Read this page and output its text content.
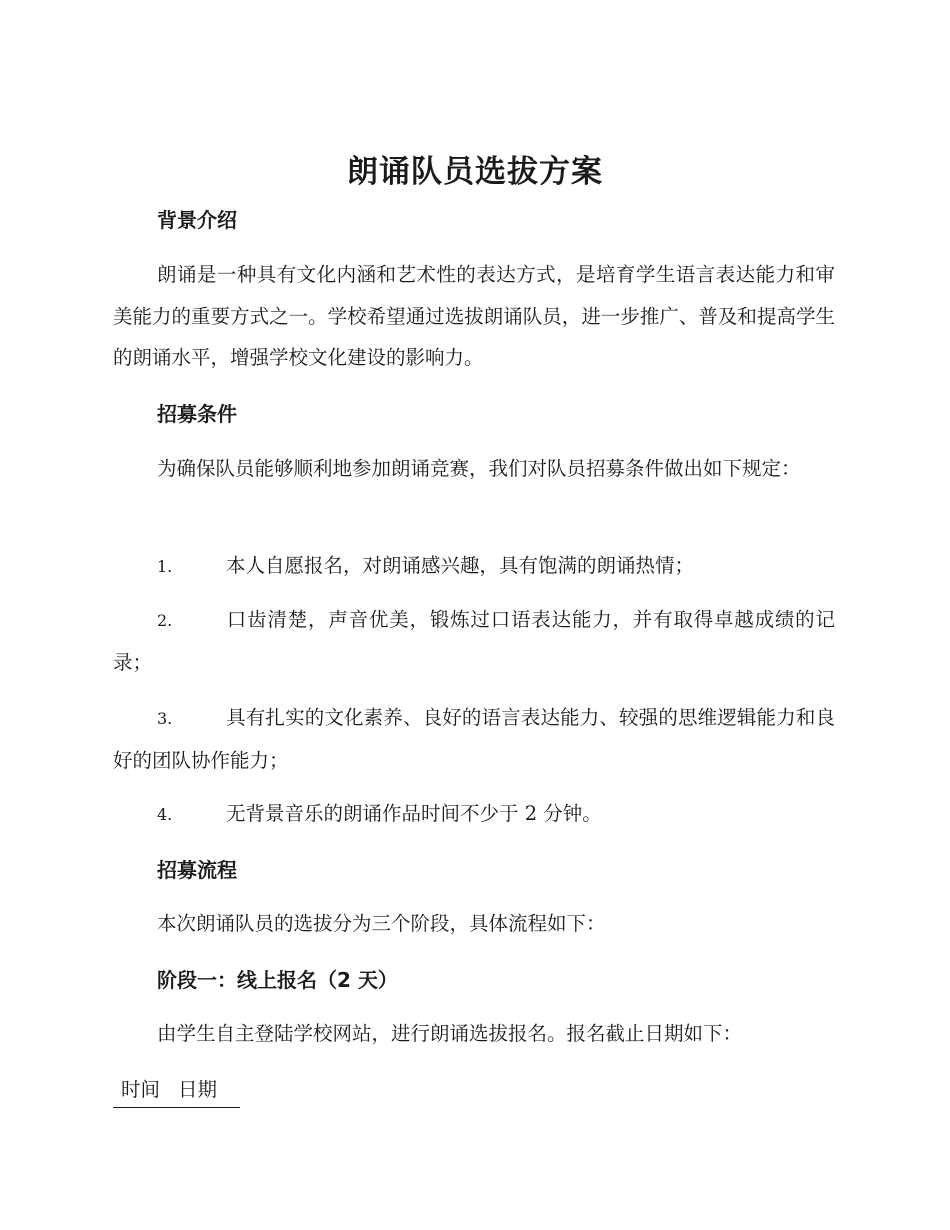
朗诵队员选拔方案
背景介绍
朗诵是一种具有文化内涵和艺术性的表达方式，是培育学生语言表达能力和审美能力的重要方式之一。学校希望通过选拔朗诵队员，进一步推广、普及和提高学生的朗诵水平，增强学校文化建设的影响力。
招募条件
为确保队员能够顺利地参加朗诵竞赛，我们对队员招募条件做出如下规定：
1.	本人自愿报名，对朗诵感兴趣，具有饱满的朗诵热情；
2.	口齿清楚，声音优美，锻炼过口语表达能力，并有取得卓越成绩的记录；
3.	具有扎实的文化素养、良好的语言表达能力、较强的思维逻辑能力和良好的团队协作能力；
4.	无背景音乐的朗诵作品时间不少于 2 分钟。
招募流程
本次朗诵队员的选拔分为三个阶段，具体流程如下：
阶段一：线上报名（2 天）
由学生自主登陆学校网站，进行朗诵选拔报名。报名截止日期如下：
时间 日期
